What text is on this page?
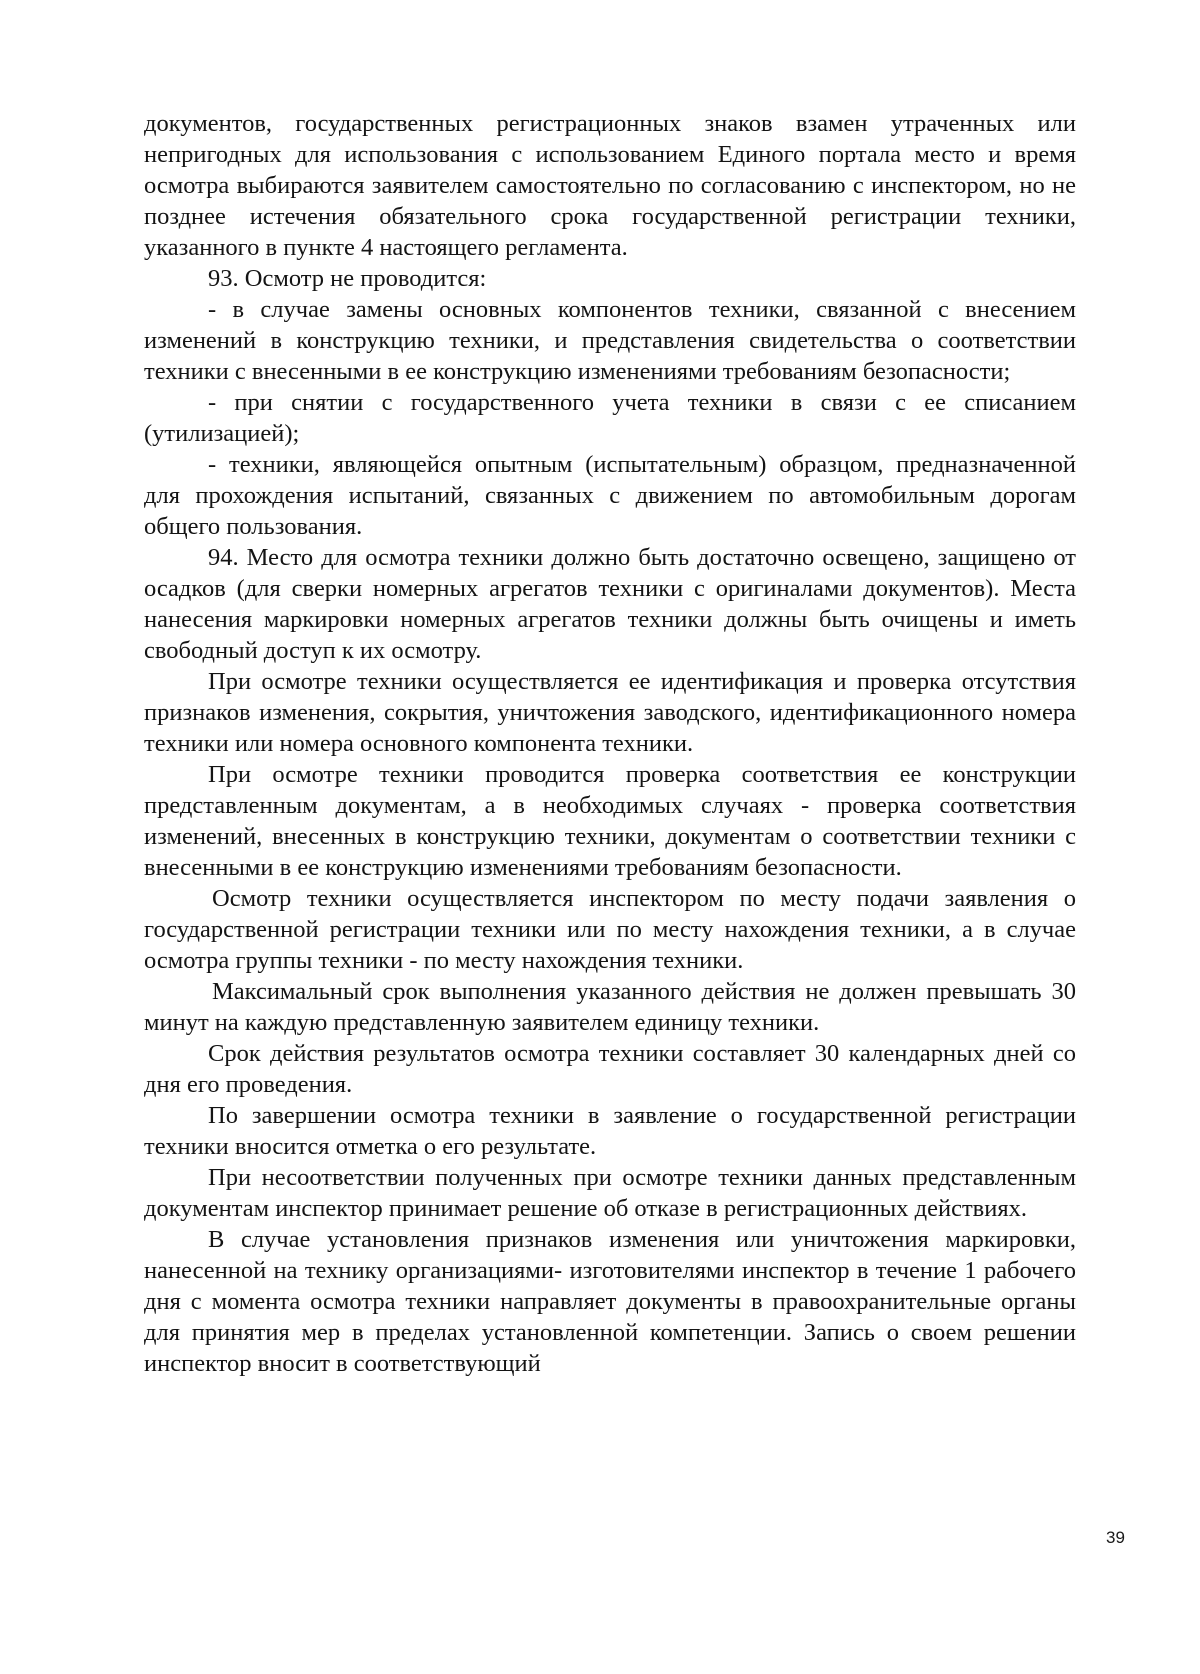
документов, государственных регистрационных знаков взамен утраченных или непригодных для использования с использованием Единого портала место и время осмотра выбираются заявителем самостоятельно по согласованию с инспектором, но не позднее истечения обязательного срока государственной регистрации техники, указанного в пункте 4 настоящего регламента.

93. Осмотр не проводится:

- в случае замены основных компонентов техники, связанной с внесением изменений в конструкцию техники, и представления свидетельства о соответствии техники с внесенными в ее конструкцию изменениями требованиям безопасности;

- при снятии с государственного учета техники в связи с ее списанием (утилизацией);

- техники, являющейся опытным (испытательным) образцом, предназначенной для прохождения испытаний, связанных с движением по автомобильным дорогам общего пользования.

94. Место для осмотра техники должно быть достаточно освещено, защищено от осадков (для сверки номерных агрегатов техники с оригиналами документов). Места нанесения маркировки номерных агрегатов техники должны быть очищены и иметь свободный доступ к их осмотру.

При осмотре техники осуществляется ее идентификация и проверка отсутствия признаков изменения, сокрытия, уничтожения заводского, идентификационного номера техники или номера основного компонента техники.

При осмотре техники проводится проверка соответствия ее конструкции представленным документам, а в необходимых случаях - проверка соответствия изменений, внесенных в конструкцию техники, документам о соответствии техники с внесенными в ее конструкцию изменениями требованиям безопасности.

Осмотр техники осуществляется инспектором по месту подачи заявления о государственной регистрации техники или по месту нахождения техники, а в случае осмотра группы техники - по месту нахождения техники.

Максимальный срок выполнения указанного действия не должен превышать 30 минут на каждую представленную заявителем единицу техники.

Срок действия результатов осмотра техники составляет 30 календарных дней со дня его проведения.

По завершении осмотра техники в заявление о государственной регистрации техники вносится отметка о его результате.

При несоответствии полученных при осмотре техники данных представленным документам инспектор принимает решение об отказе в регистрационных действиях.

В случае установления признаков изменения или уничтожения маркировки, нанесенной на технику организациями- изготовителями инспектор в течение 1 рабочего дня с момента осмотра техники направляет документы в правоохранительные органы для принятия мер в пределах установленной компетенции. Запись о своем решении инспектор вносит в соответствующий

39
